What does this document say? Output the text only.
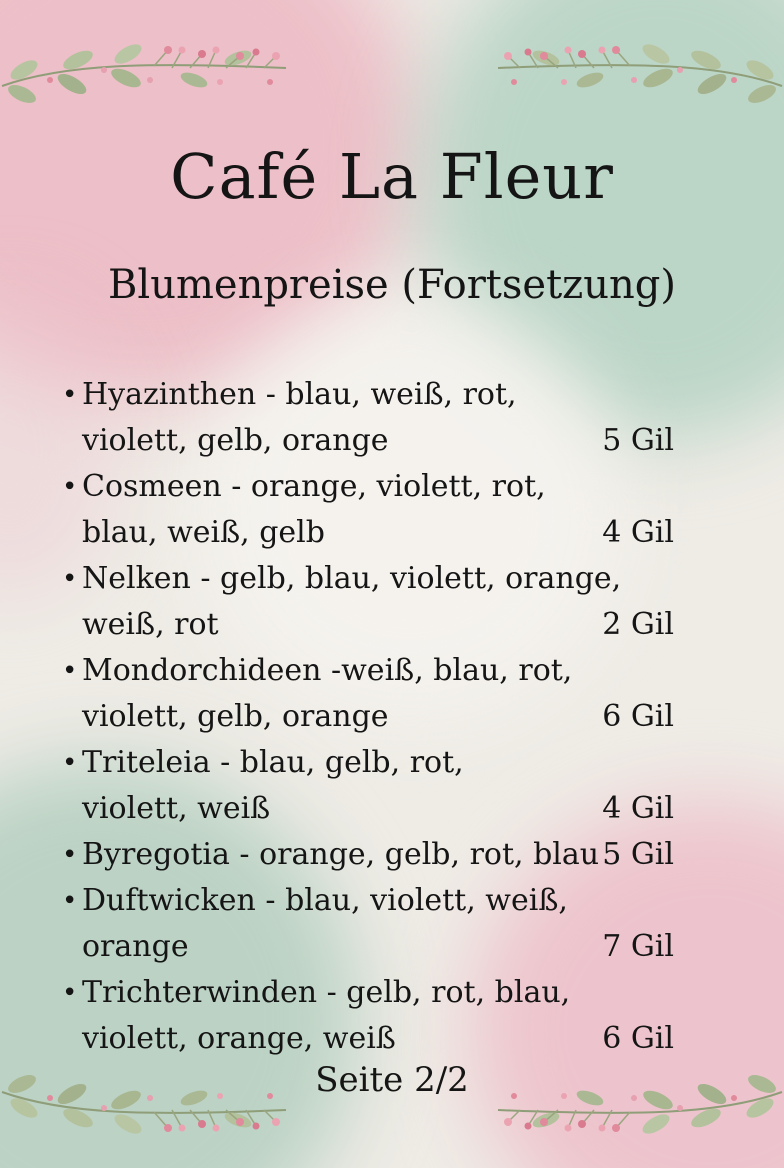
Café La Fleur
Blumenpreise (Fortsetzung)
• Hyazinthen - blau, weiß, rot,
violett, gelb, orange	5 Gil
• Cosmeen - orange, violett, rot,
blau, weiß, gelb	4 Gil
• Nelken - gelb, blau, violett, orange,
weiß, rot	2 Gil
• Mondorchideen -weiß, blau, rot,
violett, gelb, orange	6 Gil
• Triteleia - blau, gelb, rot,
violett, weiß	4 Gil
• Byregotia - orange, gelb, rot, blau 5 Gil
• Duftwicken - blau, violett, weiß,
orange	7 Gil
• Trichterwinden - gelb, rot, blau,
violett, orange, weiß	6 Gil

Seite 2/2
